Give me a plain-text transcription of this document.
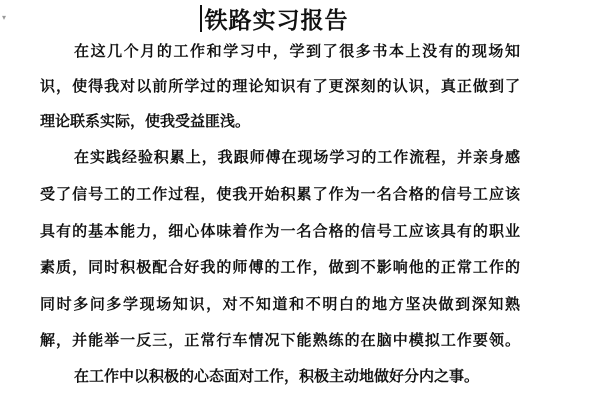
▾	铁路实习报告
在这几个月的工作和学习中，学到了很多书本上没有的现场知
识，使得我对以前所学过的理论知识有了更深刻的认识，真正做到了
理论联系实际，使我受益匪浅。
在实践经验积累上，我跟师傅在现场学习的工作流程，并亲身感
受了信号工的工作过程，使我开始积累了作为一名合格的信号工应该
具有的基本能力，细心体味着作为一名合格的信号工应该具有的职业
素质，同时积极配合好我的师傅的工作，做到不影响他的正常工作的
同时多问多学现场知识，对不知道和不明白的地方坚决做到深知熟
解，并能举一反三，正常行车情况下能熟练的在脑中模拟工作要领。
在工作中以积极的心态面对工作，积极主动地做好分内之事。
